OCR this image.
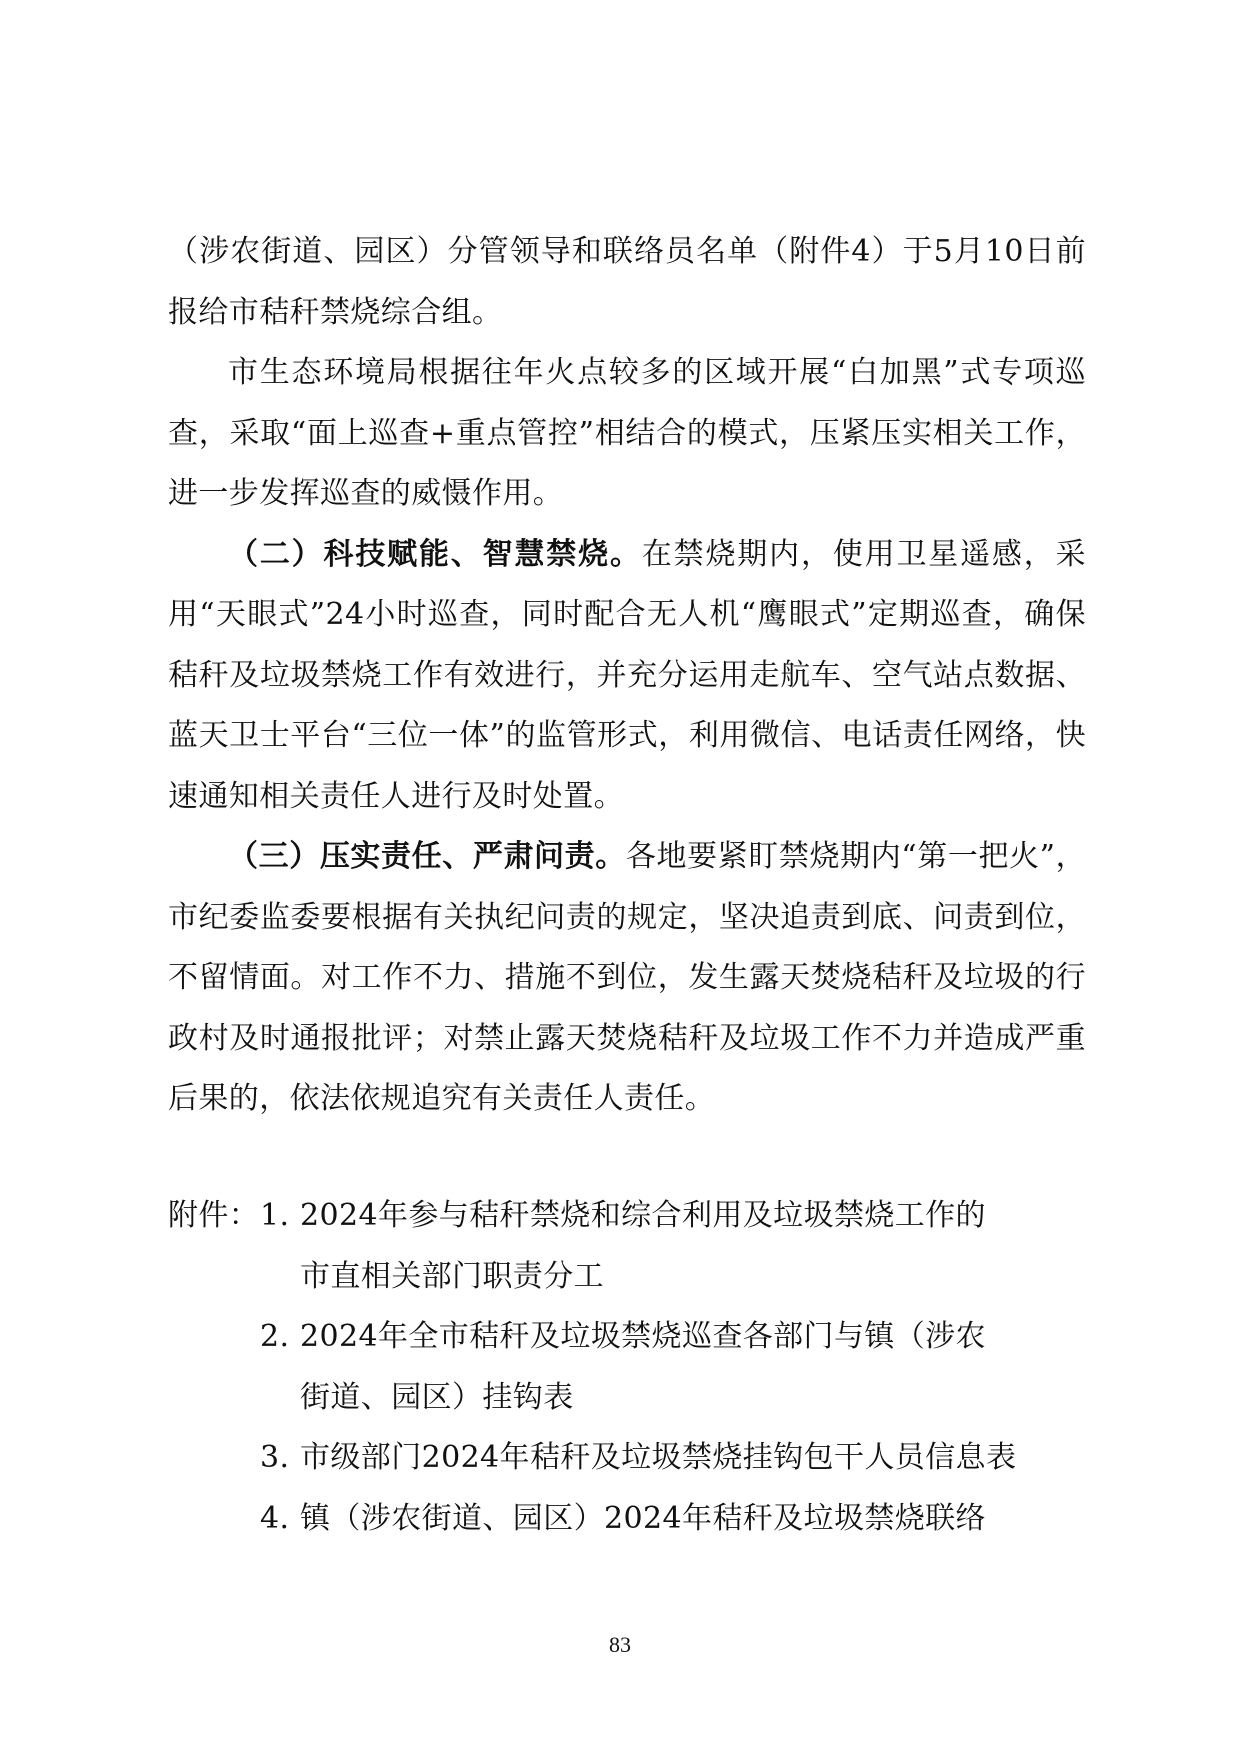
（涉农街道、园区）分管领导和联络员名单（附件4）于5月10日前报给市秸秆禁烧综合组。

市生态环境局根据往年火点较多的区域开展“白加黑”式专项巡查，采取“面上巡查+重点管控”相结合的模式，压紧压实相关工作，进一步发挥巡查的威慑作用。

（二）科技赋能、智慧禁烧。在禁烧期内，使用卫星遥感，采用“天眼式”24小时巡查，同时配合无人机“鹰眼式”定期巡查，确保秸秆及垃圾禁烧工作有效进行，并充分运用走航车、空气站点数据、蓝天卫士平台“三位一体”的监管形式，利用微信、电话责任网络，快速通知相关责任人进行及时处置。

（三）压实责任、严肃问责。各地要紧盯禁烧期内“第一把火”，市纪委监委要根据有关执纪问责的规定，坚决追责到底、问责到位，不留情面。对工作不力、措施不到位，发生露天焚烧秸秆及垃圾的行政村及时通报批评；对禁止露天焚烧秸秆及垃圾工作不力并造成严重后果的，依法依规追究有关责任人责任。

附件： 1. 2024年参与秸秆禁烧和综合利用及垃圾禁烧工作的
市直相关部门职责分工
2. 2024年全市秸秆及垃圾禁烧巡查各部门与镇（涉农
街道、园区）挂钩表
3. 市级部门2024年秸秆及垃圾禁烧挂钩包干人员信息表
4. 镇（涉农街道、园区）2024年秸秆及垃圾禁烧联络
83
